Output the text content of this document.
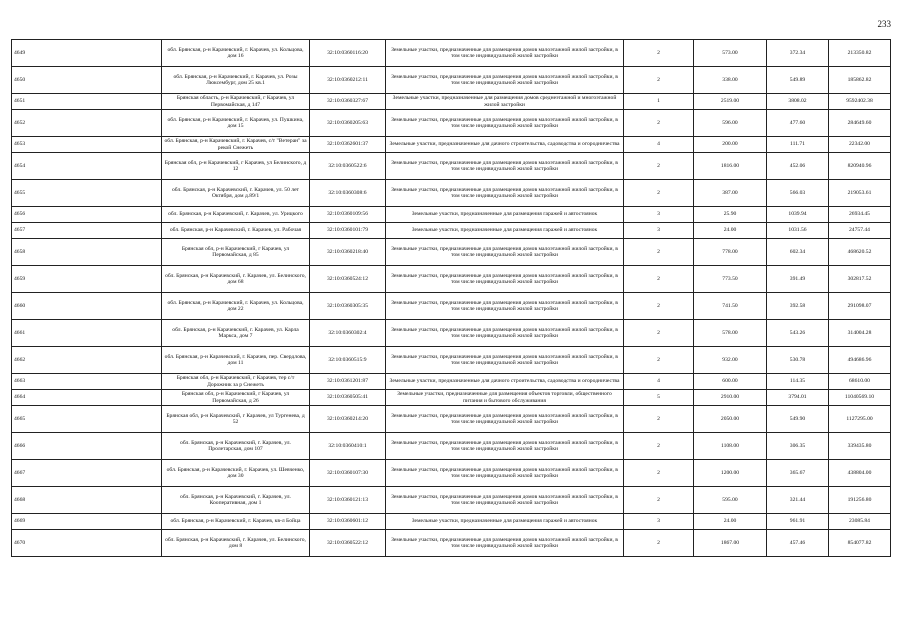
233
4649	обл. Брянская, р-н Карачевский, г. Карачев, ул. Кольцова, дом 16	32:10:0360116:20	Земельные участки, предназначенные для размещения домов малоэтажной жилой застройки, в том числе индивидуальной жилой застройки	2	573.00	372.34	213350.82
4650	обл. Брянская, р-н Карачевский, г. Карачев, ул. Розы Люксембург, дом 25 кв.1	32:10:0360212:11	Земельные участки, предназначенные для размещения домов малоэтажной жилой застройки, в том числе индивидуальной жилой застройки	2	338.00	549.89	185862.82
4651	Брянская область, р-н Карачевский, г Карачев, ул Первомайская, д 147	32:10:0360327:67	Земельные участки, предназначенные для размещения домов среднеэтажной и многоэтажной жилой застройки	1	2519.00	3808.02	9592402.38
4652	обл. Брянская, р-н Карачевский, г. Карачев, ул. Пушкина, дом 15	32:10:0360205:63	Земельные участки, предназначенные для размещения домов малоэтажной жилой застройки, в том числе индивидуальной жилой застройки	2	596.00	477.60	284649.60
4653	обл. Брянская, р-н Карачевский, г. Карачев, с/т "Ветеран" за рекой Снежеть	32:10:0362601:37	Земельные участки, предназначенные для дачного строительства, садоводства и огородничества	4	200.00	111.71	22342.00
4654	Брянская обл, р-н Карачевский, г Карачев, ул Белинского, д 12	32:10:0360522:6	Земельные участки, предназначенные для размещения домов малоэтажной жилой застройки, в том числе индивидуальной жилой застройки	2	1816.00	452.06	820940.96
4655	обл. Брянская, р-н Карачевский, г. Карачев, ул. 50 лет Октября, дом д.89/1	32:10:0360308:6	Земельные участки, предназначенные для размещения домов малоэтажной жилой застройки, в том числе индивидуальной жилой застройки	2	387.00	566.03	219053.61
4656	обл. Брянская, р-н Карачевский, г. Карачев, ул. Урицкого	32:10:0360109:56	Земельные участки, предназначенные для размещения гаражей и автостоянок	3	25.90	1039.94	26934.45
4657	обл. Брянская, р-н Карачевский, г. Карачев, ул. Рабочая	32:10:0360101:79	Земельные участки, предназначенные для размещения гаражей и автостоянок	3	24.00	1031.56	24757.44
4658	Брянская обл, р-н Карачевский, г Карачев, ул Первомайская, д 85	32:10:0360218:40	Земельные участки, предназначенные для размещения домов малоэтажной жилой застройки, в том числе индивидуальной жилой застройки	2	778.00	602.34	468620.52
4659	обл. Брянская, р-н Карачевский, г. Карачев, ул. Белинского, дом 68	32:10:0360524:12	Земельные участки, предназначенные для размещения домов малоэтажной жилой застройки, в том числе индивидуальной жилой застройки	2	773.50	391.49	302817.52
4660	обл. Брянская, р-н Карачевский, г. Карачев, ул. Кольцова, дом 22	32:10:0360305:35	Земельные участки, предназначенные для размещения домов малоэтажной жилой застройки, в том числе индивидуальной жилой застройки	2	741.50	392.58	291098.07
4661	обл. Брянская, р-н Карачевский, г. Карачев, ул. Карла Маркса, дом 7	32:10:0360302:4	Земельные участки, предназначенные для размещения домов малоэтажной жилой застройки, в том числе индивидуальной жилой застройки	2	578.00	543.26	314004.28
4662	обл. Брянская, р-н Карачевский, г. Карачев, пер. Свердлова, дом 11	32:10:0360515:9	Земельные участки, предназначенные для размещения домов малоэтажной жилой застройки, в том числе индивидуальной жилой застройки	2	932.00	530.78	494686.96
4663	Брянская обл, р-н Карачевский, г Карачев, тер с/т Дорожник за р Снежеть	32:10:0361201:87	Земельные участки, предназначенные для дачного строительства, садоводства и огородничества	4	600.00	114.35	68610.00
4664	Брянская обл, р-н Карачевский, г Карачев, ул Первомайская, д 26	32:10:0360505:41	Земельные участки, предназначенные для размещения объектов торговли, общественного питания и бытового обслуживания	5	2910.00	3794.01	11040569.10
4665	Брянская обл, р-н Карачевский, г Карачев, ул Тургенева, д 52	32:10:0360214:20	Земельные участки, предназначенные для размещения домов малоэтажной жилой застройки, в том числе индивидуальной жилой застройки	2	2050.00	549.90	1127295.00
4666	обл. Брянская, р-н Карачевский, г. Карачев, ул. Пролетарская, дом 107	32:10:0360410:1	Земельные участки, предназначенные для размещения домов малоэтажной жилой застройки, в том числе индивидуальной жилой застройки	2	1108.00	306.35	339435.80
4667	обл. Брянская, р-н Карачевский, г. Карачев, ул. Шевченко, дом 30	32:10:0360107:30	Земельные участки, предназначенные для размещения домов малоэтажной жилой застройки, в том числе индивидуальной жилой застройки	2	1200.00	365.67	438804.00
4668	обл. Брянская, р-н Карачевский, г. Карачев, ул. Кооперативная, дом 1	32:10:0360121:13	Земельные участки, предназначенные для размещения домов малоэтажной жилой застройки, в том числе индивидуальной жилой застройки	2	595.00	321.44	191256.80
4669	обл. Брянская, р-н Карачевский, г. Карачев, кв-л Бойца	32:10:0360601:12	Земельные участки, предназначенные для размещения гаражей и автостоянок	3	24.00	961.91	23085.84
4670	обл. Брянская, р-н Карачевский, г. Карачев, ул. Белинского, дом 8	32:10:0360522:12	Земельные участки, предназначенные для размещения домов малоэтажной жилой застройки, в том числе индивидуальной жилой застройки	2	1867.00	457.46	854077.82
